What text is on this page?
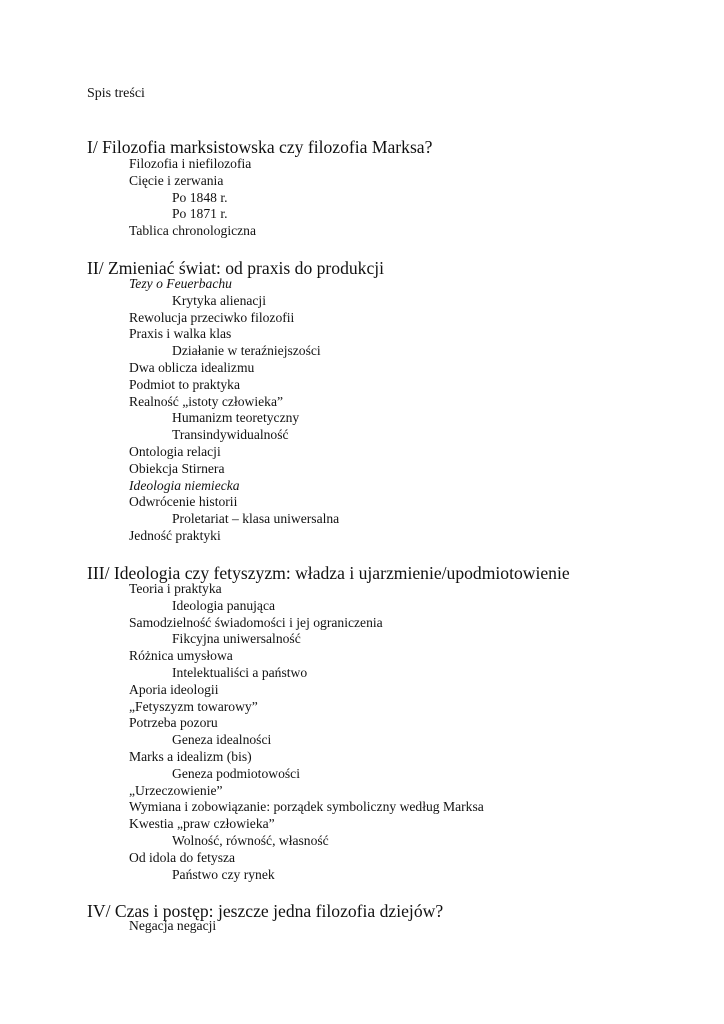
Spis treści
I/ Filozofia marksistowska czy filozofia Marksa?
Filozofia i niefilozofia
Cięcie i zerwania
Po 1848 r.
Po 1871 r.
Tablica chronologiczna
II/ Zmieniać świat: od praxis do produkcji
Tezy o Feuerbachu
Krytyka alienacji
Rewolucja przeciwko filozofii
Praxis i walka klas
Działanie w teraźniejszości
Dwa oblicza idealizmu
Podmiot to praktyka
Realność „istoty człowieka”
Humanizm teoretyczny
Transindywidualność
Ontologia relacji
Obiekcja Stirnera
Ideologia niemiecka
Odwrócenie historii
Proletariat – klasa uniwersalna
Jedność praktyki
III/ Ideologia czy fetyszyzm: władza i ujarzmienie/upodmiotowienie
Teoria i praktyka
Ideologia panująca
Samodzielność świadomości i jej ograniczenia
Fikcyjna uniwersalność
Różnica umysłowa
Intelektualiści a państwo
Aporia ideologii
„Fetyszyzm towarowy”
Potrzeba pozoru
Geneza idealności
Marks a idealizm (bis)
Geneza podmiotowości
„Urzeczowienie”
Wymiana i zobowiązanie: porządek symboliczny według Marksa
Kwestia „praw człowieka”
Wolność, równość, własność
Od idola do fetysza
Państwo czy rynek
IV/ Czas i postęp: jeszcze jedna filozofia dziejów?
Negacja negacji
